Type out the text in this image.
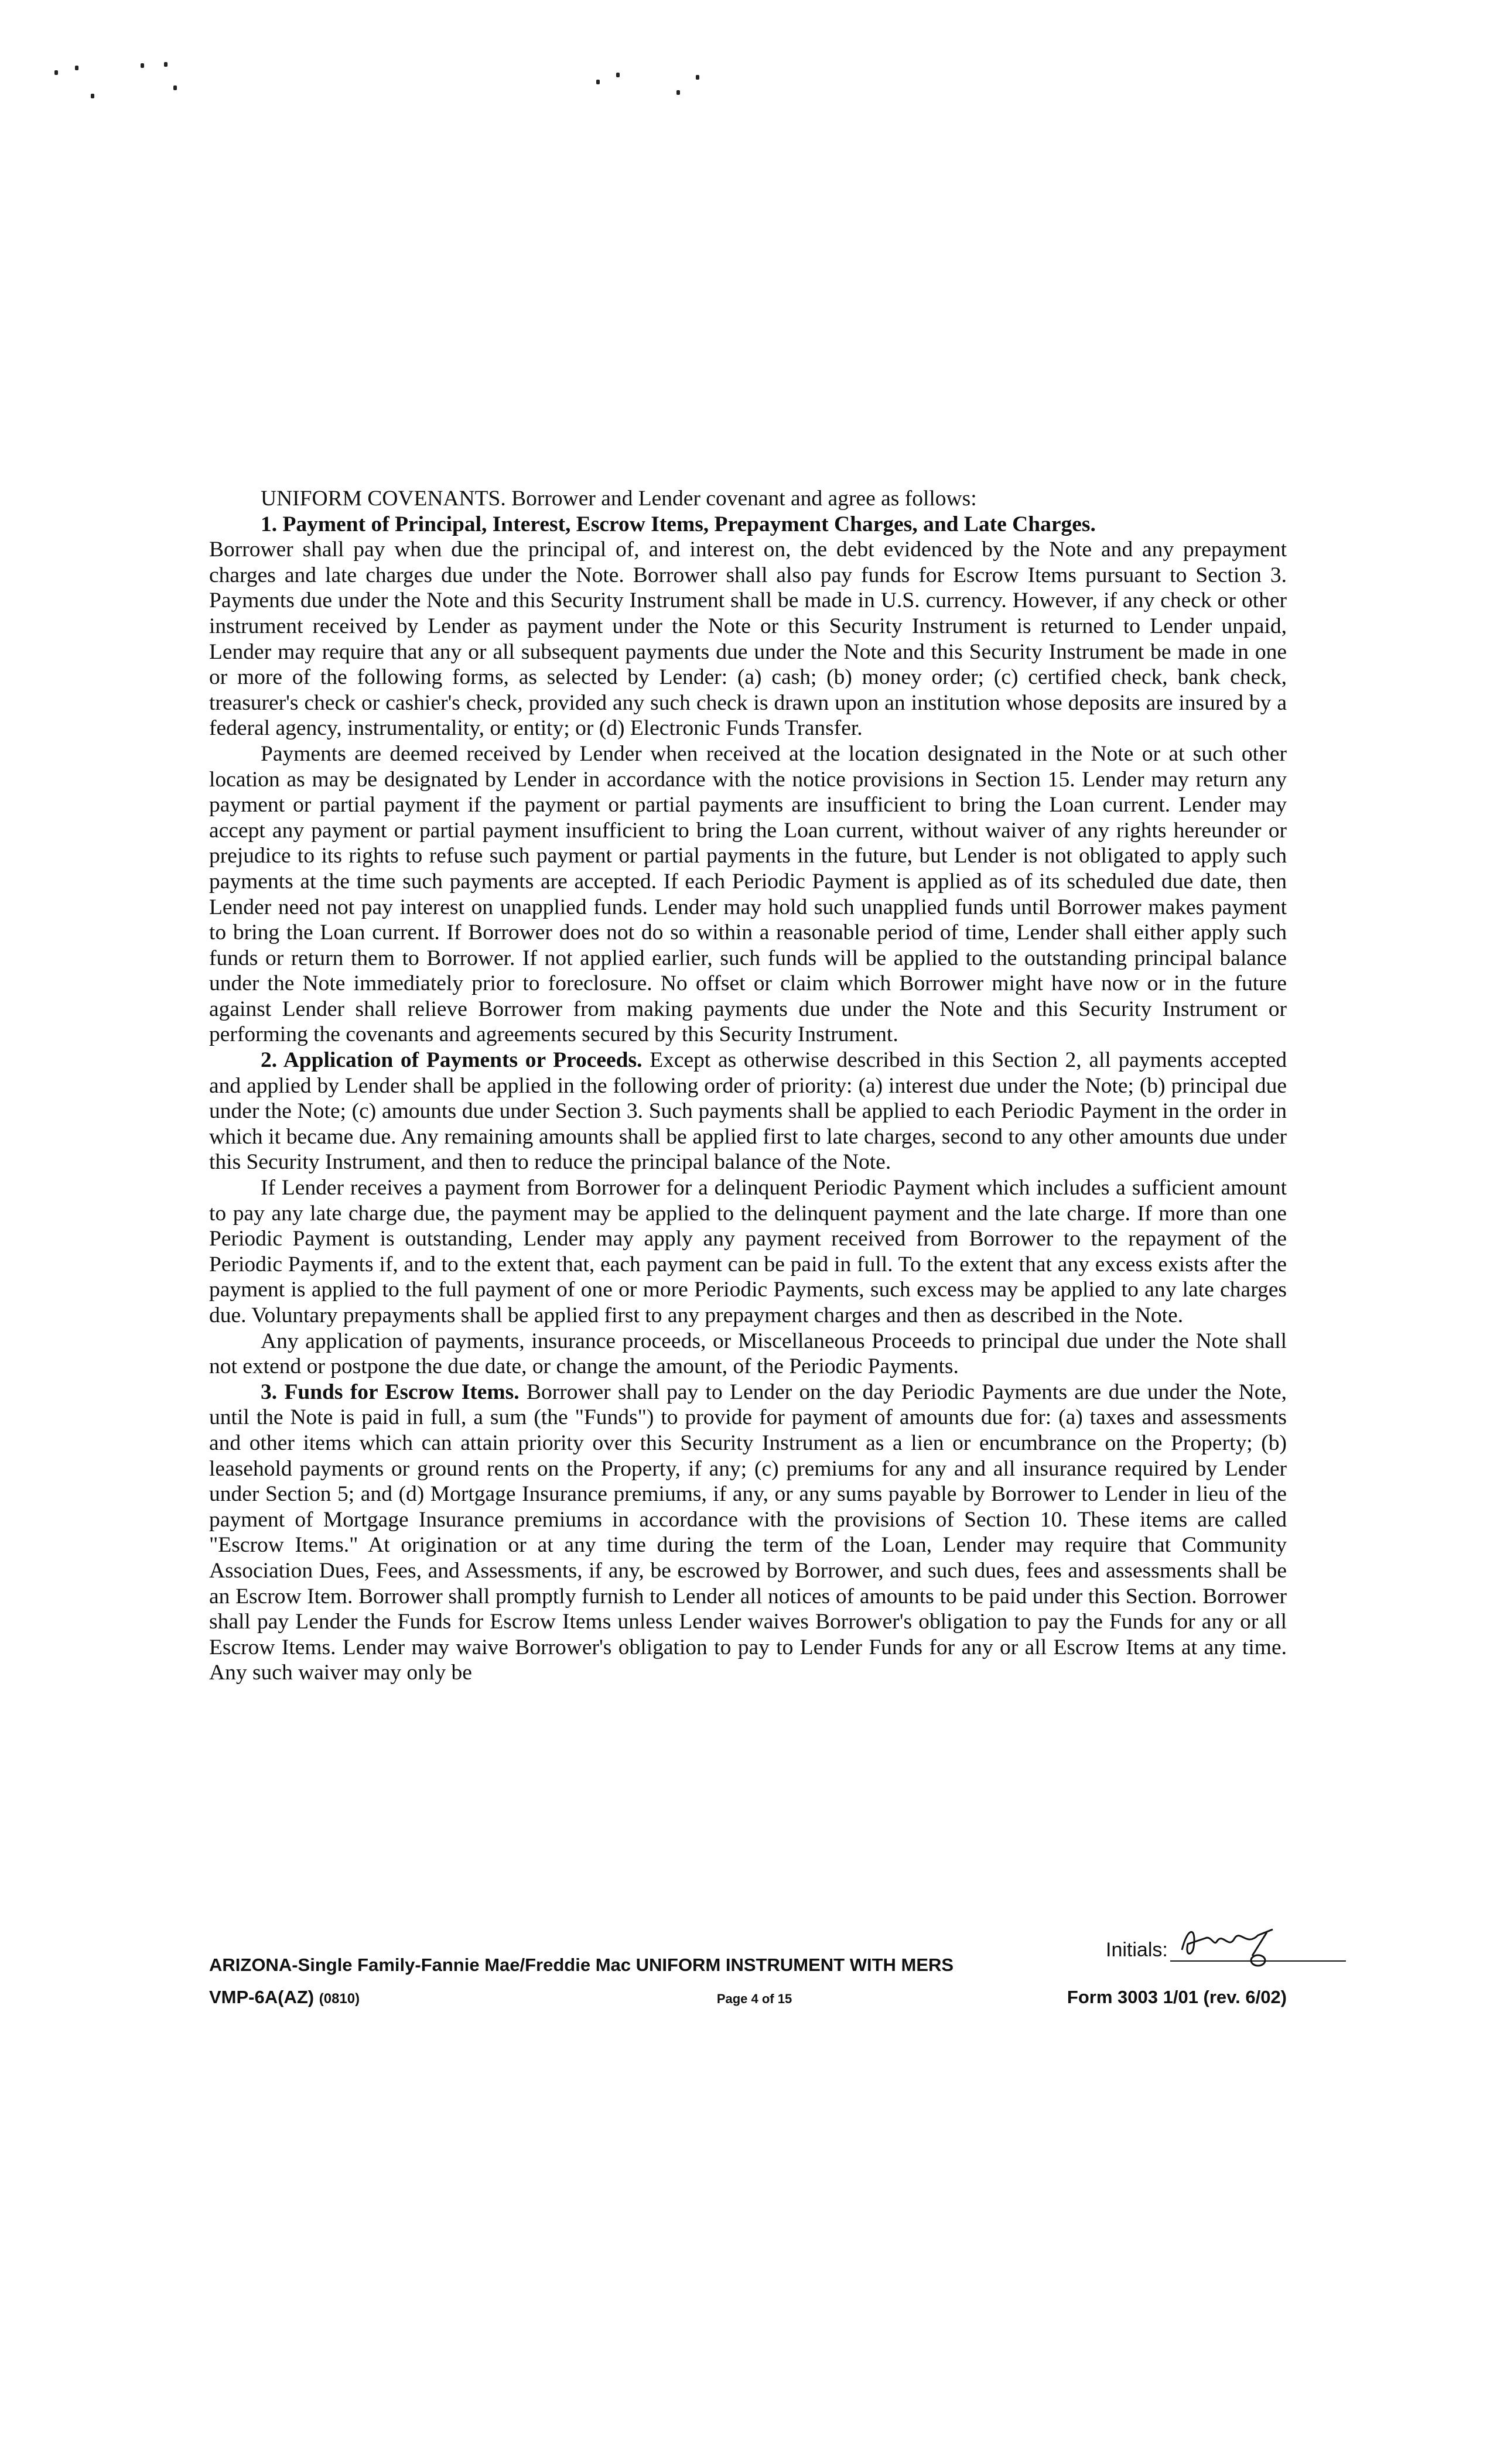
UNIFORM COVENANTS. Borrower and Lender covenant and agree as follows:

1. Payment of Principal, Interest, Escrow Items, Prepayment Charges, and Late Charges.

Borrower shall pay when due the principal of, and interest on, the debt evidenced by the Note and any prepayment charges and late charges due under the Note. Borrower shall also pay funds for Escrow Items pursuant to Section 3. Payments due under the Note and this Security Instrument shall be made in U.S. currency. However, if any check or other instrument received by Lender as payment under the Note or this Security Instrument is returned to Lender unpaid, Lender may require that any or all subsequent payments due under the Note and this Security Instrument be made in one or more of the following forms, as selected by Lender: (a) cash; (b) money order; (c) certified check, bank check, treasurer's check or cashier's check, provided any such check is drawn upon an institution whose deposits are insured by a federal agency, instrumentality, or entity; or (d) Electronic Funds Transfer.

Payments are deemed received by Lender when received at the location designated in the Note or at such other location as may be designated by Lender in accordance with the notice provisions in Section 15. Lender may return any payment or partial payment if the payment or partial payments are insufficient to bring the Loan current. Lender may accept any payment or partial payment insufficient to bring the Loan current, without waiver of any rights hereunder or prejudice to its rights to refuse such payment or partial payments in the future, but Lender is not obligated to apply such payments at the time such payments are accepted. If each Periodic Payment is applied as of its scheduled due date, then Lender need not pay interest on unapplied funds. Lender may hold such unapplied funds until Borrower makes payment to bring the Loan current. If Borrower does not do so within a reasonable period of time, Lender shall either apply such funds or return them to Borrower. If not applied earlier, such funds will be applied to the outstanding principal balance under the Note immediately prior to foreclosure. No offset or claim which Borrower might have now or in the future against Lender shall relieve Borrower from making payments due under the Note and this Security Instrument or performing the covenants and agreements secured by this Security Instrument.

2. Application of Payments or Proceeds. Except as otherwise described in this Section 2, all payments accepted and applied by Lender shall be applied in the following order of priority: (a) interest due under the Note; (b) principal due under the Note; (c) amounts due under Section 3. Such payments shall be applied to each Periodic Payment in the order in which it became due. Any remaining amounts shall be applied first to late charges, second to any other amounts due under this Security Instrument, and then to reduce the principal balance of the Note.

If Lender receives a payment from Borrower for a delinquent Periodic Payment which includes a sufficient amount to pay any late charge due, the payment may be applied to the delinquent payment and the late charge. If more than one Periodic Payment is outstanding, Lender may apply any payment received from Borrower to the repayment of the Periodic Payments if, and to the extent that, each payment can be paid in full. To the extent that any excess exists after the payment is applied to the full payment of one or more Periodic Payments, such excess may be applied to any late charges due. Voluntary prepayments shall be applied first to any prepayment charges and then as described in the Note.

Any application of payments, insurance proceeds, or Miscellaneous Proceeds to principal due under the Note shall not extend or postpone the due date, or change the amount, of the Periodic Payments.

3. Funds for Escrow Items. Borrower shall pay to Lender on the day Periodic Payments are due under the Note, until the Note is paid in full, a sum (the "Funds") to provide for payment of amounts due for: (a) taxes and assessments and other items which can attain priority over this Security Instrument as a lien or encumbrance on the Property; (b) leasehold payments or ground rents on the Property, if any; (c) premiums for any and all insurance required by Lender under Section 5; and (d) Mortgage Insurance premiums, if any, or any sums payable by Borrower to Lender in lieu of the payment of Mortgage Insurance premiums in accordance with the provisions of Section 10. These items are called "Escrow Items." At origination or at any time during the term of the Loan, Lender may require that Community Association Dues, Fees, and Assessments, if any, be escrowed by Borrower, and such dues, fees and assessments shall be an Escrow Item. Borrower shall promptly furnish to Lender all notices of amounts to be paid under this Section. Borrower shall pay Lender the Funds for Escrow Items unless Lender waives Borrower's obligation to pay the Funds for any or all Escrow Items. Lender may waive Borrower's obligation to pay to Lender Funds for any or all Escrow Items at any time. Any such waiver may only be

Initials:
ARIZONA-Single Family-Fannie Mae/Freddie Mac UNIFORM INSTRUMENT WITH MERS
VMP-6A(AZ) (0810)	Page 4 of 15	Form 3003 1/01 (rev. 6/02)
